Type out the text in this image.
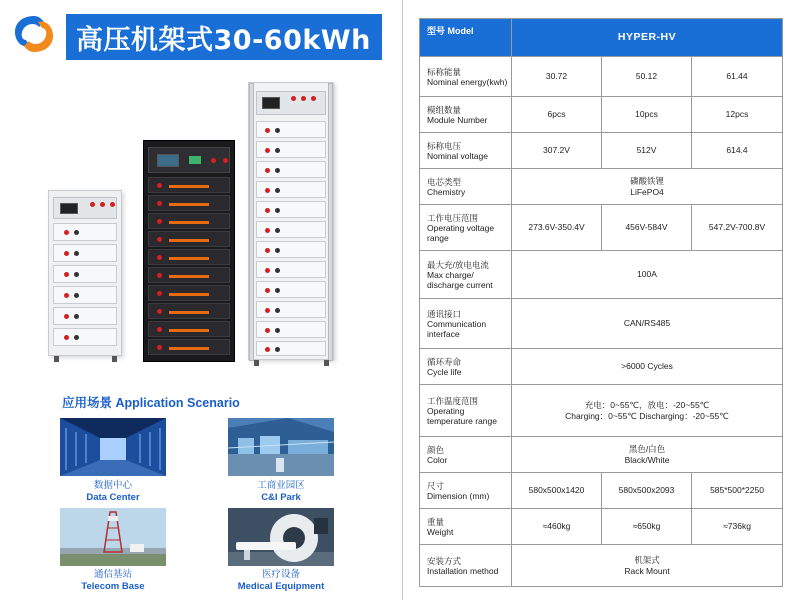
高压机架式30-60kWh
应用场景 Application Scenario
数据中心
Data Center
工商业园区
C&I Park
通信基站
Telecom Base
医疗设备
Medical Equipment
型号 Model	HYPER-HV		

标称能量
Nominal energy(kwh)	30.72	50.12	61.44

模组数量
Module Number	6pcs	10pcs	12pcs

标称电压
Nominal voltage	307.2V	512V	614.4

电芯类型
Chemistry	磷酸铁锂
LiFePO4		

工作电压范围
Operating voltage range	273.6V-350.4V	456V-584V	547.2V-700.8V

最大充/放电电流
Max charge/ discharge current	100A		

通讯接口
Communication interface	CAN/RS485		

循环寿命
Cycle life	>6000 Cycles		

工作温度范围
Operating temperature range	充电：0~55℃，放电：-20~55℃
Charging：0~55℃ Discharging：-20~55℃		

颜色
Color	黑色/白色
Black/White		

尺寸
Dimension (mm)	580x500x1420	580x500x2093	585*500*2250

重量
Weight	≈460kg	≈650kg	≈736kg

安装方式
Installation method	机架式
Rack Mount		
